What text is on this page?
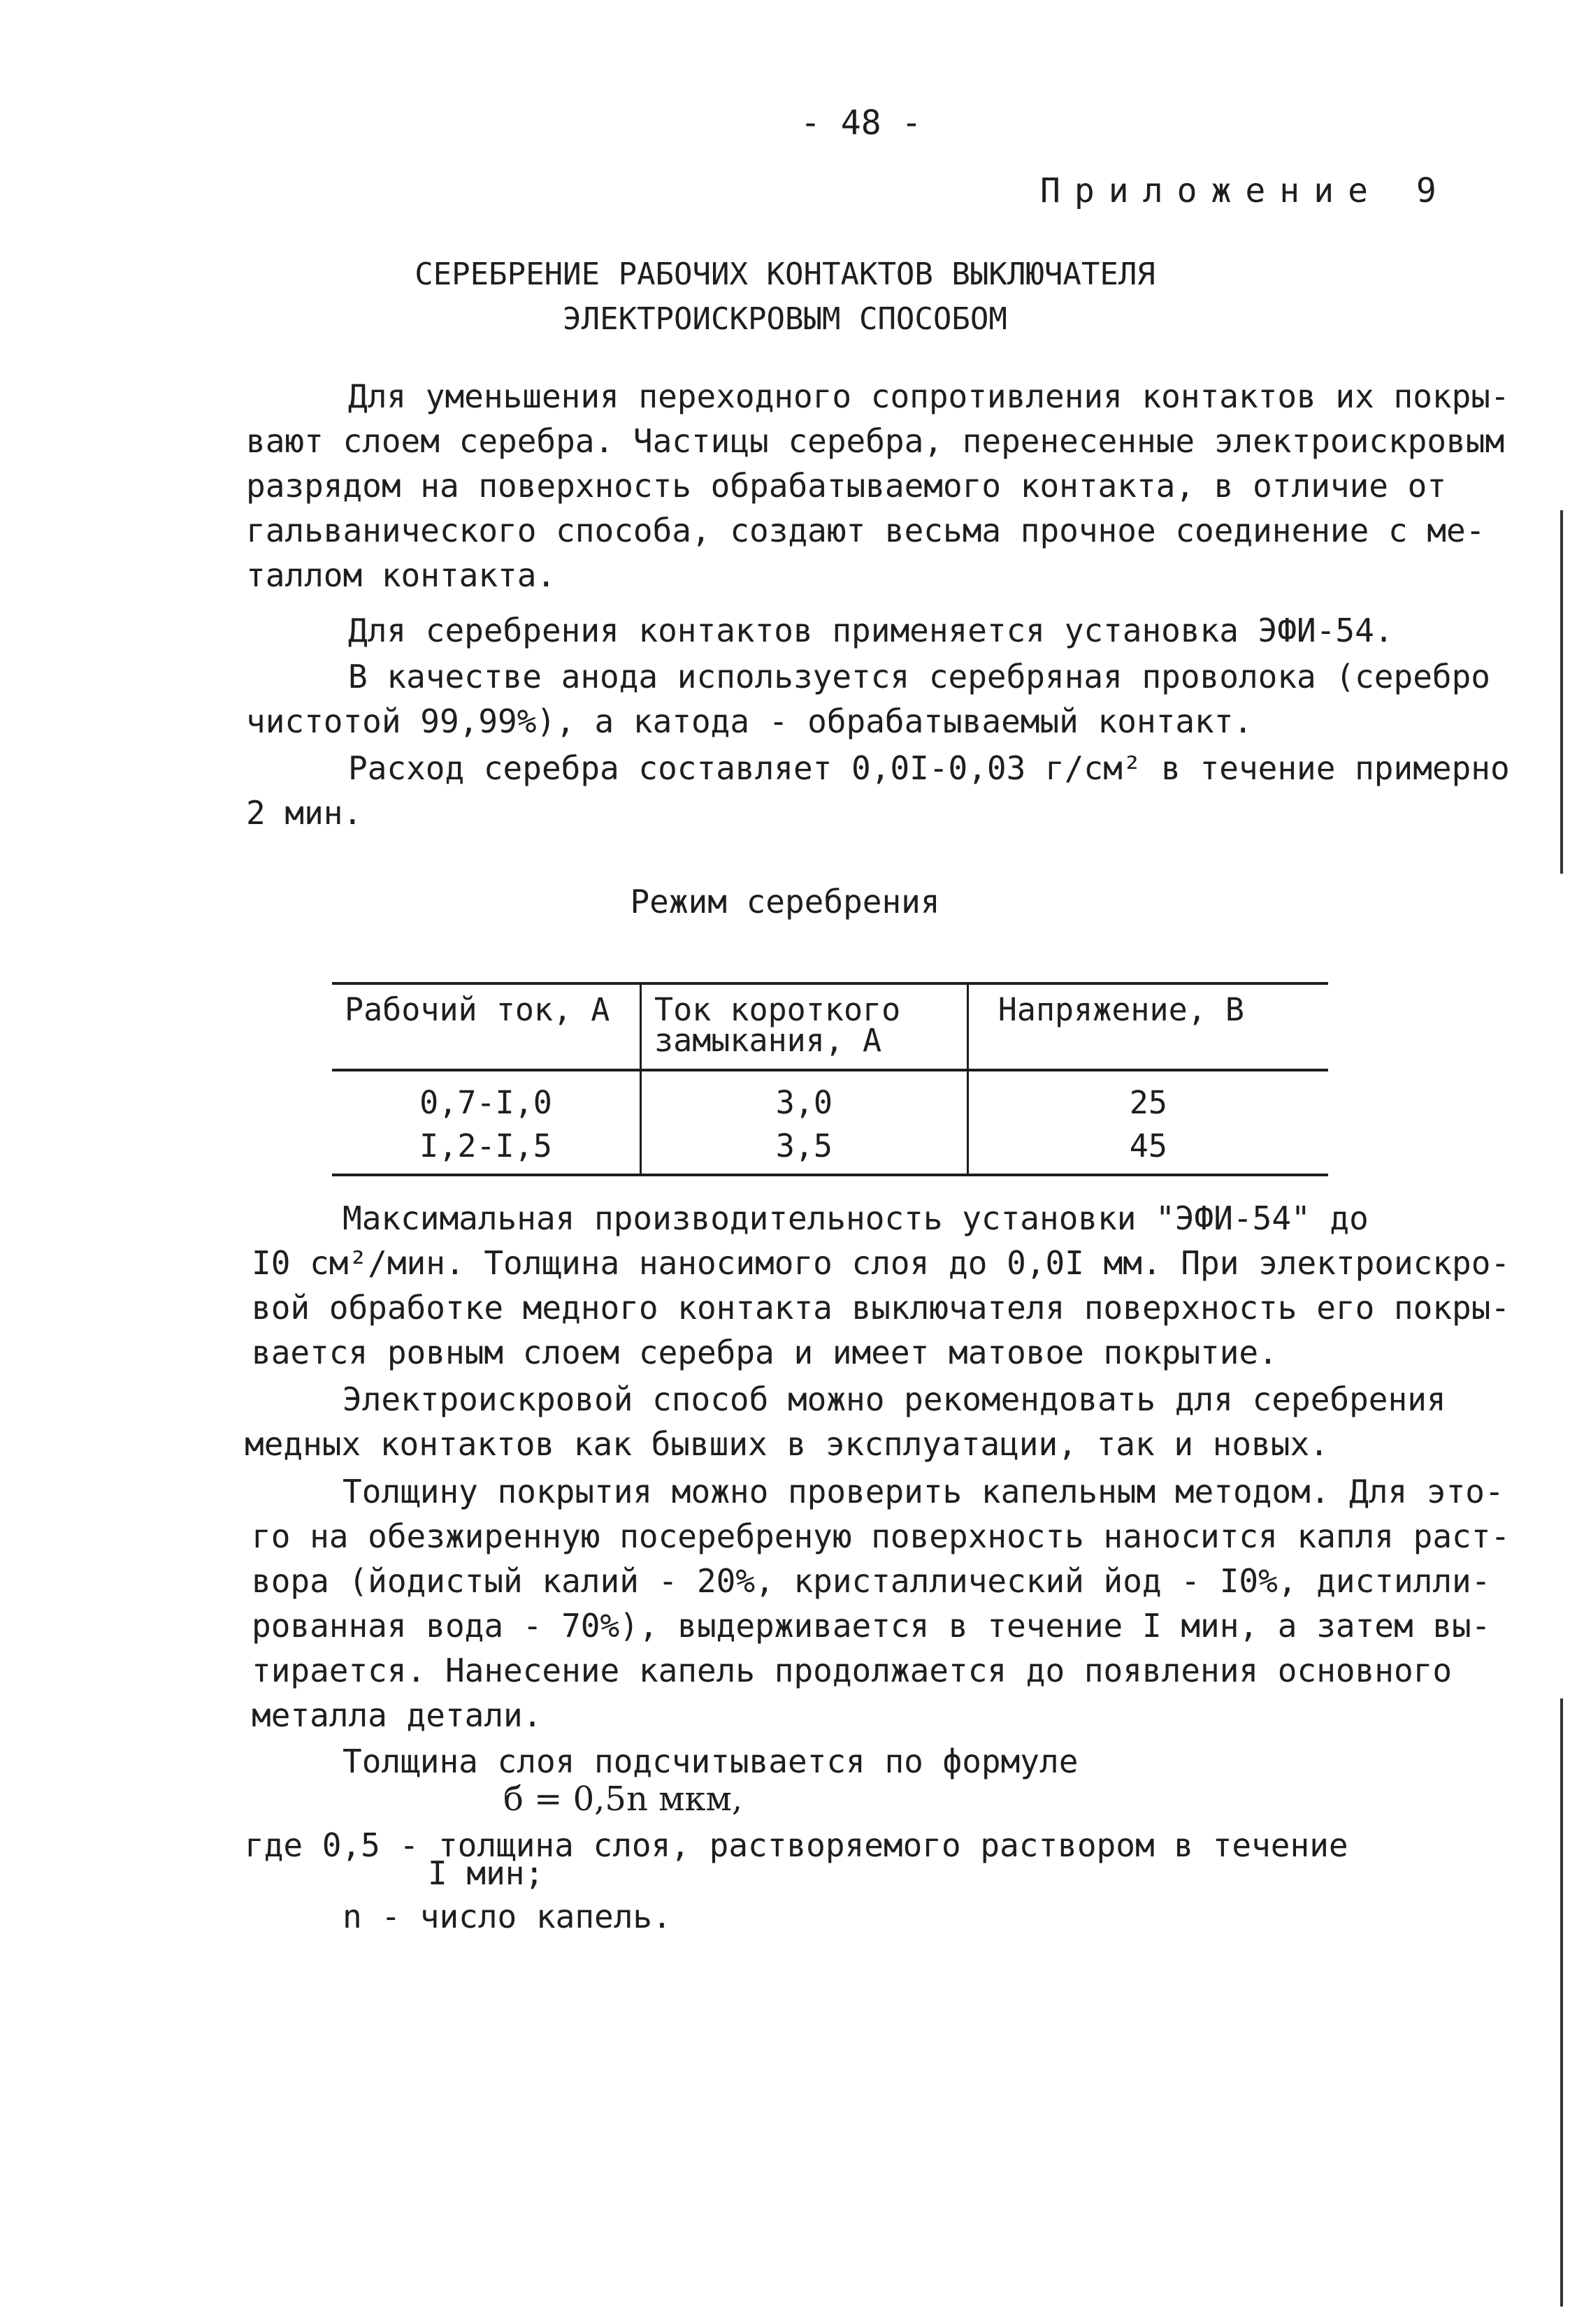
- 48 -
Приложение 9
СЕРЕБРЕНИЕ РАБОЧИХ КОНТАКТОВ ВЫКЛЮЧАТЕЛЯ
ЭЛЕКТРОИСКРОВЫМ СПОСОБОМ
Для уменьшения переходного сопротивления контактов их покры-
вают слоем серебра. Частицы серебра, перенесенные электроискровым
разрядом на поверхность обрабатываемого контакта, в отличие от
гальванического способа, создают весьма прочное соединение с ме-
таллом контакта.
Для серебрения контактов применяется установка ЭФИ-54.
В качестве анода используется серебряная проволока (серебро
чистотой 99,99%), а катода - обрабатываемый контакт.
Расход серебра составляет 0,0I-0,03 г/см² в течение примерно
2 мин.
Режим серебрения
Рабочий ток, А	Ток короткого замыкания, А	Напряжение, В
0,7-I,0	3,0	25
I,2-I,5	3,5	45
Максимальная производительность установки "ЭФИ-54" до
I0 см²/мин. Толщина наносимого слоя до 0,0I мм. При электроискро-
вой обработке медного контакта выключателя поверхность его покры-
вается ровным слоем серебра и имеет матовое покрытие.
Электроискровой способ можно рекомендовать для серебрения
медных контактов как бывших в эксплуатации, так и новых.
Толщину покрытия можно проверить капельным методом. Для это-
го на обезжиренную посеребреную поверхность наносится капля раст-
вора (йодистый калий - 20%, кристаллический йод - I0%, дистилли-
рованная вода - 70%), выдерживается в течение I мин, а затем вы-
тирается. Нанесение капель продолжается до появления основного
металла детали.
Толщина слоя подсчитывается по формуле
б = 0,5n мкм,
где 0,5 - толщина слоя, растворяемого раствором в течение
I мин;
n - число капель.
